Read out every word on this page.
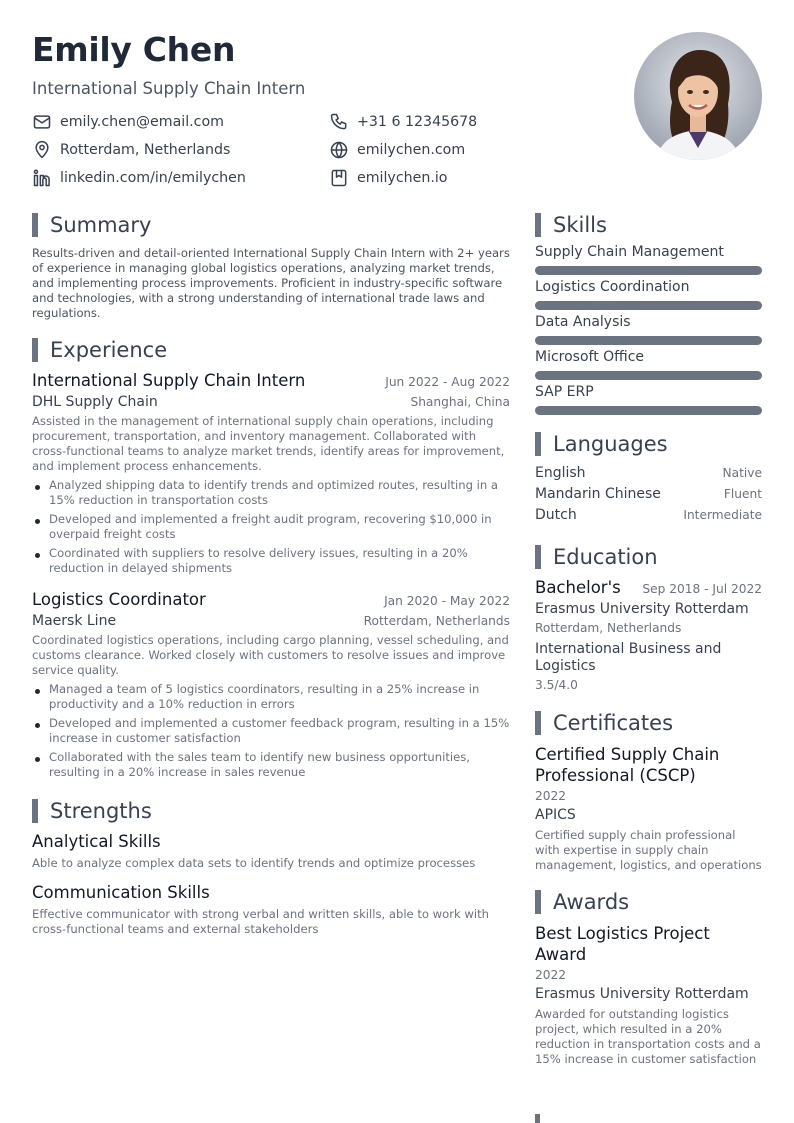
Emily Chen
International Supply Chain Intern
emily.chen@email.com	+31 6 12345678
Rotterdam, Netherlands	emilychen.com
linkedin.com/in/emilychen	emilychen.io
Summary

Results-driven and detail-oriented International Supply Chain Intern with 2+ years of experience in managing global logistics operations, analyzing market trends, and implementing process improvements. Proficient in industry-specific software and technologies, with a strong understanding of international trade laws and regulations.

Experience
International Supply Chain Intern	Jun 2022 - Aug 2022
DHL Supply Chain	Shanghai, China

Assisted in the management of international supply chain operations, including procurement, transportation, and inventory management. Collaborated with cross-functional teams to analyze market trends, identify areas for improvement, and implement process enhancements.

Analyzed shipping data to identify trends and optimized routes, resulting in a 15% reduction in transportation costs
Developed and implemented a freight audit program, recovering $10,000 in overpaid freight costs
Coordinated with suppliers to resolve delivery issues, resulting in a 20% reduction in delayed shipments
Logistics Coordinator	Jan 2020 - May 2022
Maersk Line	Rotterdam, Netherlands

Coordinated logistics operations, including cargo planning, vessel scheduling, and customs clearance. Worked closely with customers to resolve issues and improve service quality.

Managed a team of 5 logistics coordinators, resulting in a 25% increase in productivity and a 10% reduction in errors
Developed and implemented a customer feedback program, resulting in a 15% increase in customer satisfaction
Collaborated with the sales team to identify new business opportunities, resulting in a 20% increase in sales revenue
Strengths
Analytical Skills

Able to analyze complex data sets to identify trends and optimize processes

Communication Skills

Effective communicator with strong verbal and written skills, able to work with cross-functional teams and external stakeholders

Skills
Supply Chain Management
Logistics Coordination
Data Analysis
Microsoft Office
SAP ERP
Languages
English	Native
Mandarin Chinese	Fluent
Dutch	Intermediate
Education
Bachelor's Sep 2018 - Jul 2022
Erasmus University Rotterdam
Rotterdam, Netherlands
International Business and Logistics
3.5/4.0
Certificates
Certified Supply Chain Professional (CSCP)
2022
APICS

Certified supply chain professional with expertise in supply chain management, logistics, and operations

Awards
Best Logistics Project Award
2022
Erasmus University Rotterdam

Awarded for outstanding logistics project, which resulted in a 20% reduction in transportation costs and a 15% increase in customer satisfaction
